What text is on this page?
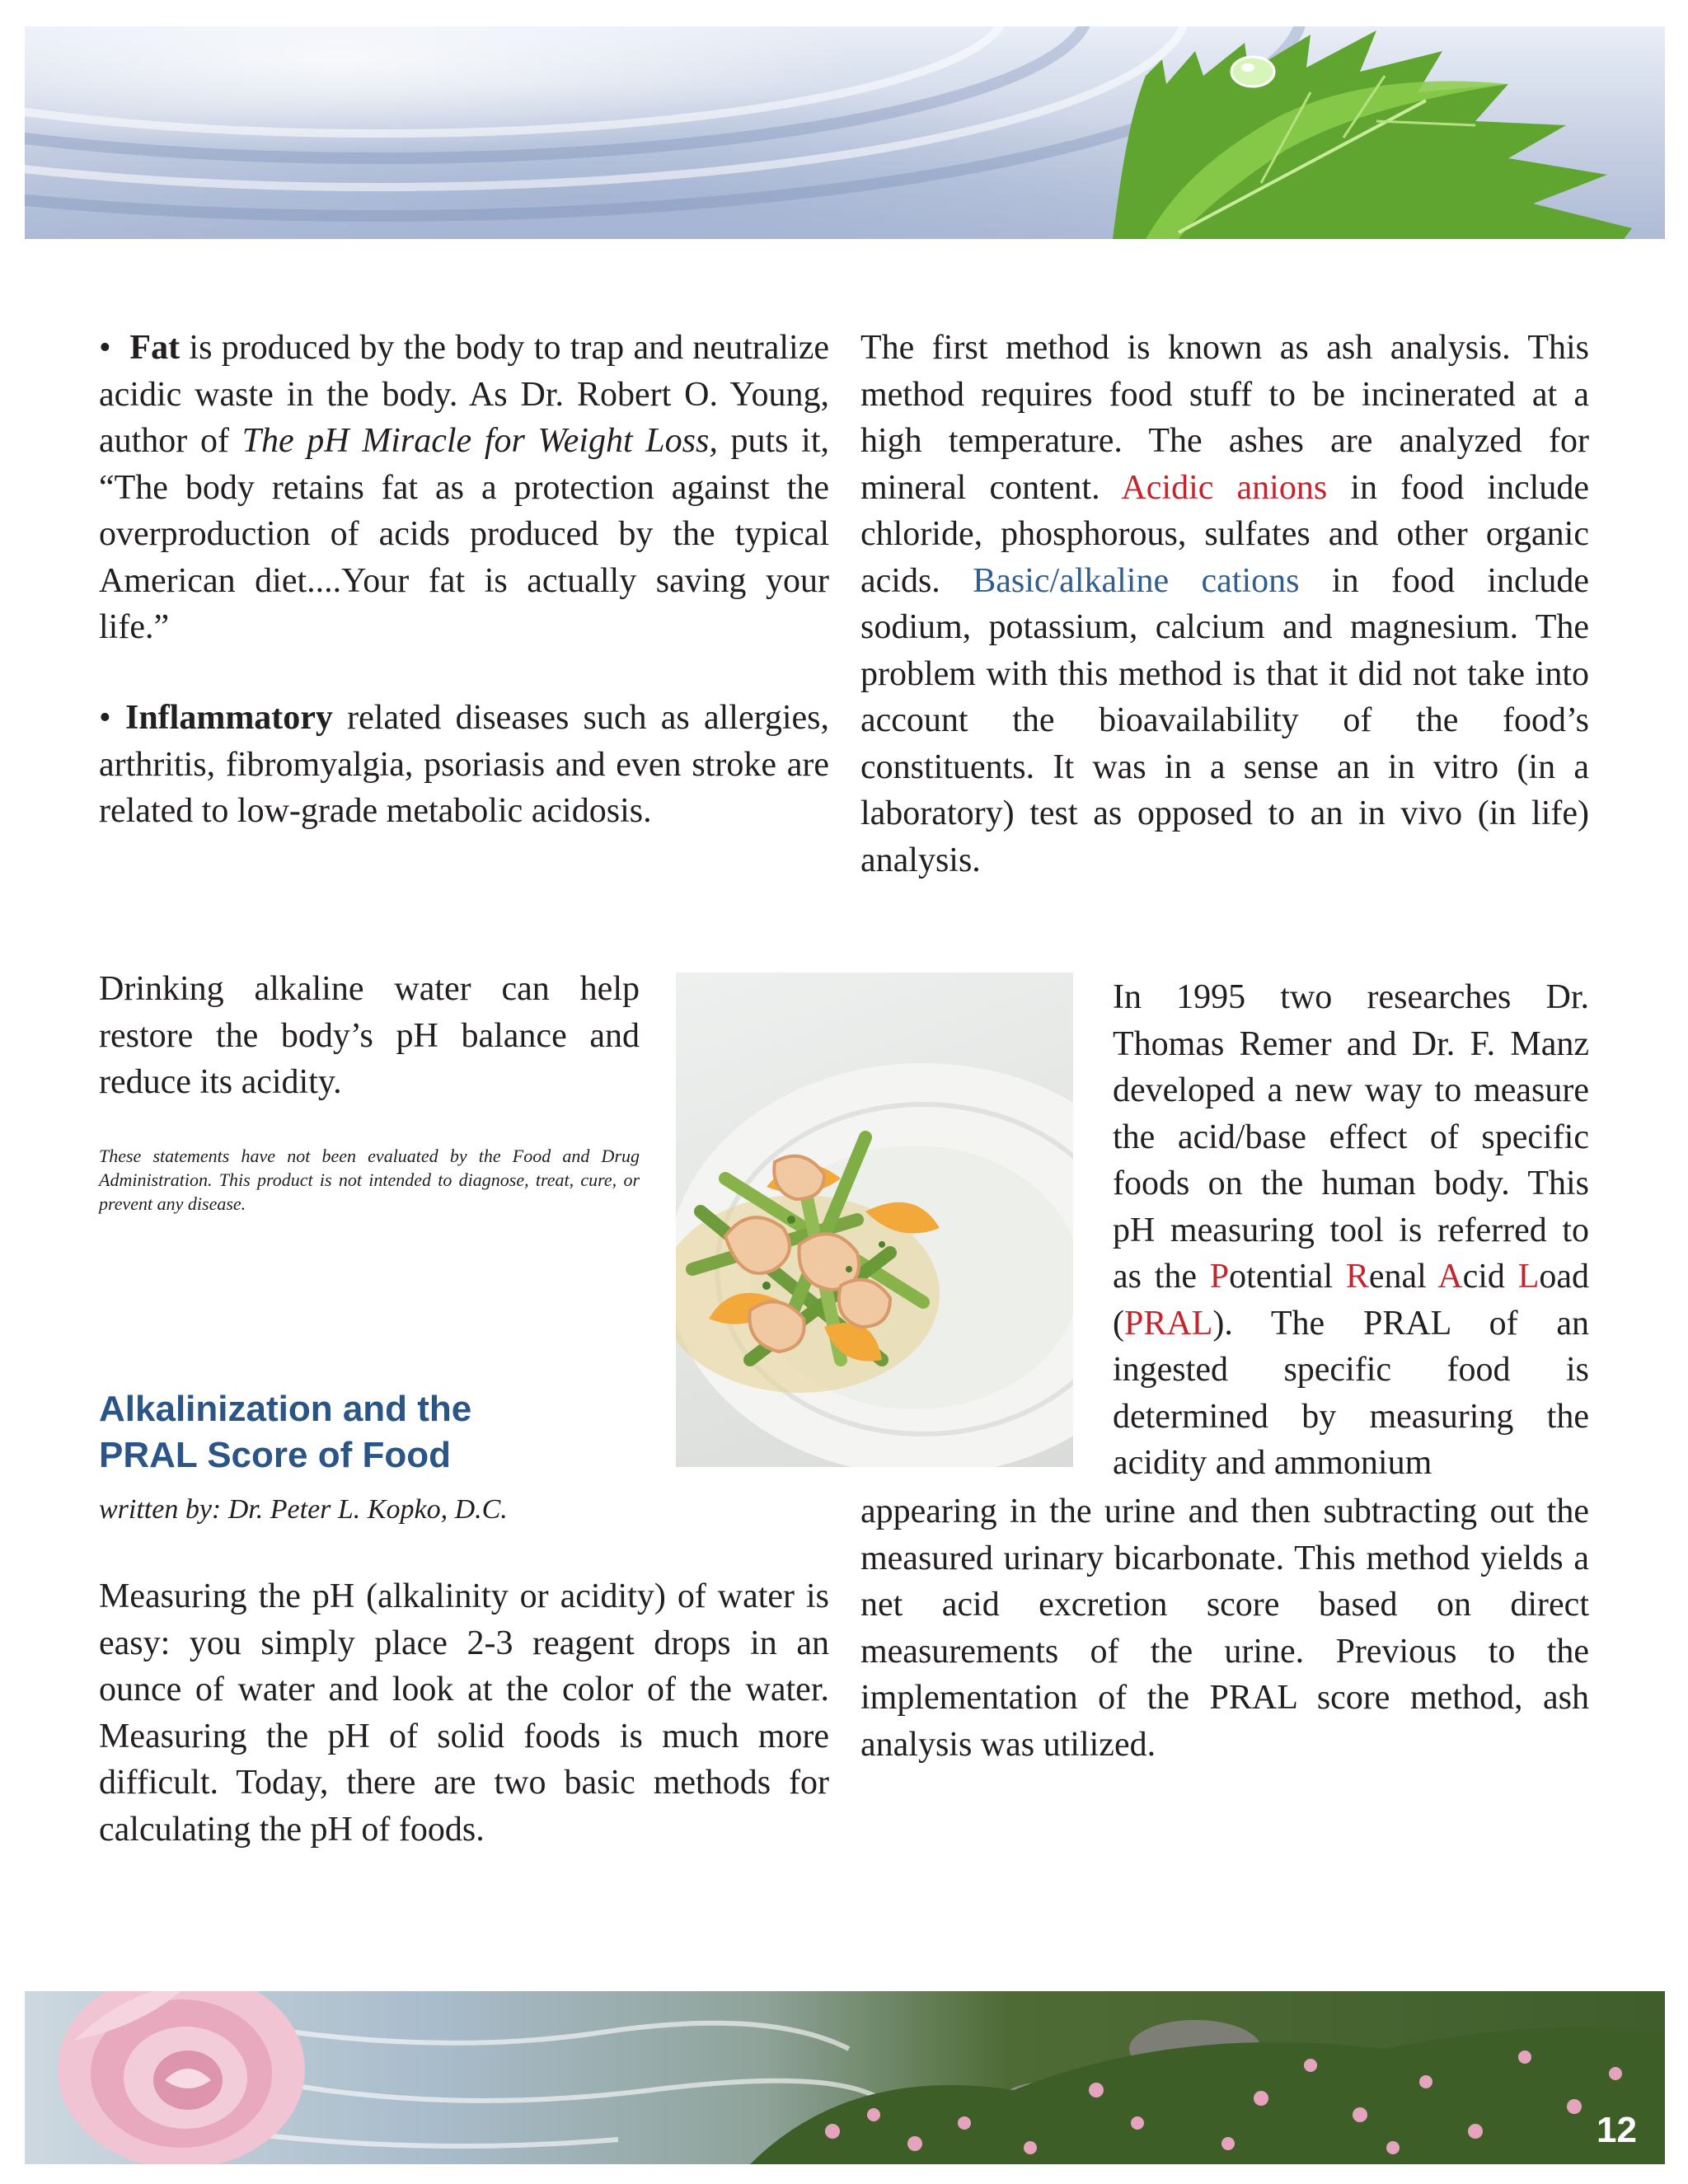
• Fat is produced by the body to trap and neutralize acidic waste in the body. As Dr. Robert O. Young, author of The pH Miracle for Weight Loss, puts it, “The body retains fat as a protection against the overproduction of acids produced by the typical American diet....Your fat is actually saving your life.”

• Inflammatory related diseases such as allergies, arthritis, fibromyalgia, psoriasis and even stroke are related to low-grade metabolic acidosis.

The first method is known as ash analysis. This method requires food stuff to be incinerated at a high temperature. The ashes are analyzed for mineral content. Acidic anions in food include chloride, phosphorous, sulfates and other organic acids. Basic/alkaline cations in food include sodium, potassium, calcium and magnesium. The problem with this method is that it did not take into account the bioavailability of the food’s constituents. It was in a sense an in vitro (in a laboratory) test as opposed to an in vivo (in life) analysis.

Drinking alkaline water can help restore the body’s pH balance and reduce its acidity.

These statements have not been evaluated by the Food and Drug Administration. This product is not intended to diagnose, treat, cure, or prevent any disease.
Alkalinization and the
PRAL Score of Food
written by: Dr. Peter L. Kopko, D.C.

Measuring the pH (alkalinity or acidity) of water is easy: you simply place 2-3 reagent drops in an ounce of water and look at the color of the water. Measuring the pH of solid foods is much more difficult. Today, there are two basic methods for calculating the pH of foods.

In 1995 two researches Dr. Thomas Remer and Dr. F. Manz developed a new way to measure the acid/base effect of specific foods on the human body. This pH measuring tool is referred to as the Potential Renal Acid Load (PRAL). The PRAL of an ingested specific food is determined by measuring the acidity and ammonium

appearing in the urine and then subtracting out the measured urinary bicarbonate. This method yields a net acid excretion score based on direct measurements of the urine. Previous to the implementation of the PRAL score method, ash analysis was utilized.

12
